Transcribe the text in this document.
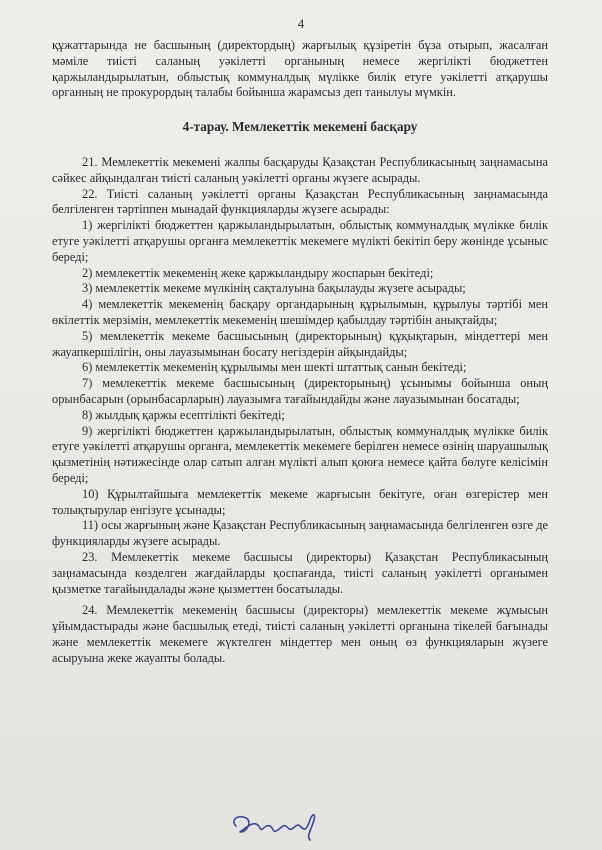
4

құжаттарында не басшының (директордың) жарғылық құзіретін бұза отырып, жасалған мәміле тиісті саланың уәкілетті органының немесе жергілікті бюджеттен қаржыландырылатын, облыстық коммуналдық мүлікке билік етуге уәкілетті атқарушы органның не прокурордың талабы бойынша жарамсыз деп танылуы мүмкін.

4-тарау. Мемлекеттік мекемені басқару

21. Мемлекеттік мекемені жалпы басқаруды Қазақстан Республикасының заңнамасына сәйкес айқындалған тиісті саланың уәкілетті органы жүзеге асырады.

22. Тиісті саланың уәкілетті органы Қазақстан Республикасының заңнамасында белгіленген тәртіппен мынадай функцияларды жүзеге асырады:

1) жергілікті бюджеттен қаржыландырылатын, облыстық коммуналдық мүлікке билік етуге уәкілетті атқарушы органға мемлекеттік мекемеге мүлікті бекітіп беру жөнінде ұсыныс береді;

2) мемлекеттік мекеменің жеке қаржыландыру жоспарын бекітеді;

3) мемлекеттік мекеме мүлкінің сақталуына бақылауды жүзеге асырады;

4) мемлекеттік мекеменің басқару органдарының құрылымын, құрылуы тәртібі мен өкілеттік мерзімін, мемлекеттік мекеменің шешімдер қабылдау тәртібін анықтайды;

5) мемлекеттік мекеме басшысының (директорының) құқықтарын, міндеттері мен жауапкершілігін, оны лауазымынан босату негіздерін айқындайды;

6) мемлекеттік мекеменің құрылымы мен шекті штаттық санын бекітеді;

7) мемлекеттік мекеме басшысының (директорының) ұсынымы бойынша оның орынбасарын (орынбасарларын) лауазымға тағайындайды және лауазымынан босатады;

8) жылдық қаржы есептілікті бекітеді;

9) жергілікті бюджеттен қаржыландырылатын, облыстық коммуналдық мүлікке билік етуге уәкілетті атқарушы органға, мемлекеттік мекемеге берілген немесе өзінің шаруашылық қызметінің нәтижесінде олар сатып алған мүлікті алып қоюға немесе қайта бөлуге келісімін береді;

10) Құрылтайшыға мемлекеттік мекеме жарғысын бекітуге, оған өзгерістер мен толықтырулар енгізуге ұсынады;

11) осы жарғының және Қазақстан Республикасының заңнамасында белгіленген өзге де функцияларды жүзеге асырады.

23. Мемлекеттік мекеме басшысы (директоры) Қазақстан Республикасының заңнамасында көзделген жағдайларды қоспағанда, тиісті саланың уәкілетті органымен қызметке тағайындалады және қызметтен босатылады.

24. Мемлекеттік мекеменің басшысы (директоры) мемлекеттік мекеме жұмысын ұйымдастырады және басшылық етеді, тиісті саланың уәкілетті органына тікелей бағынады және мемлекеттік мекемеге жүктелген міндеттер мен оның өз функцияларын жүзеге асыруына жеке жауапты болады.
